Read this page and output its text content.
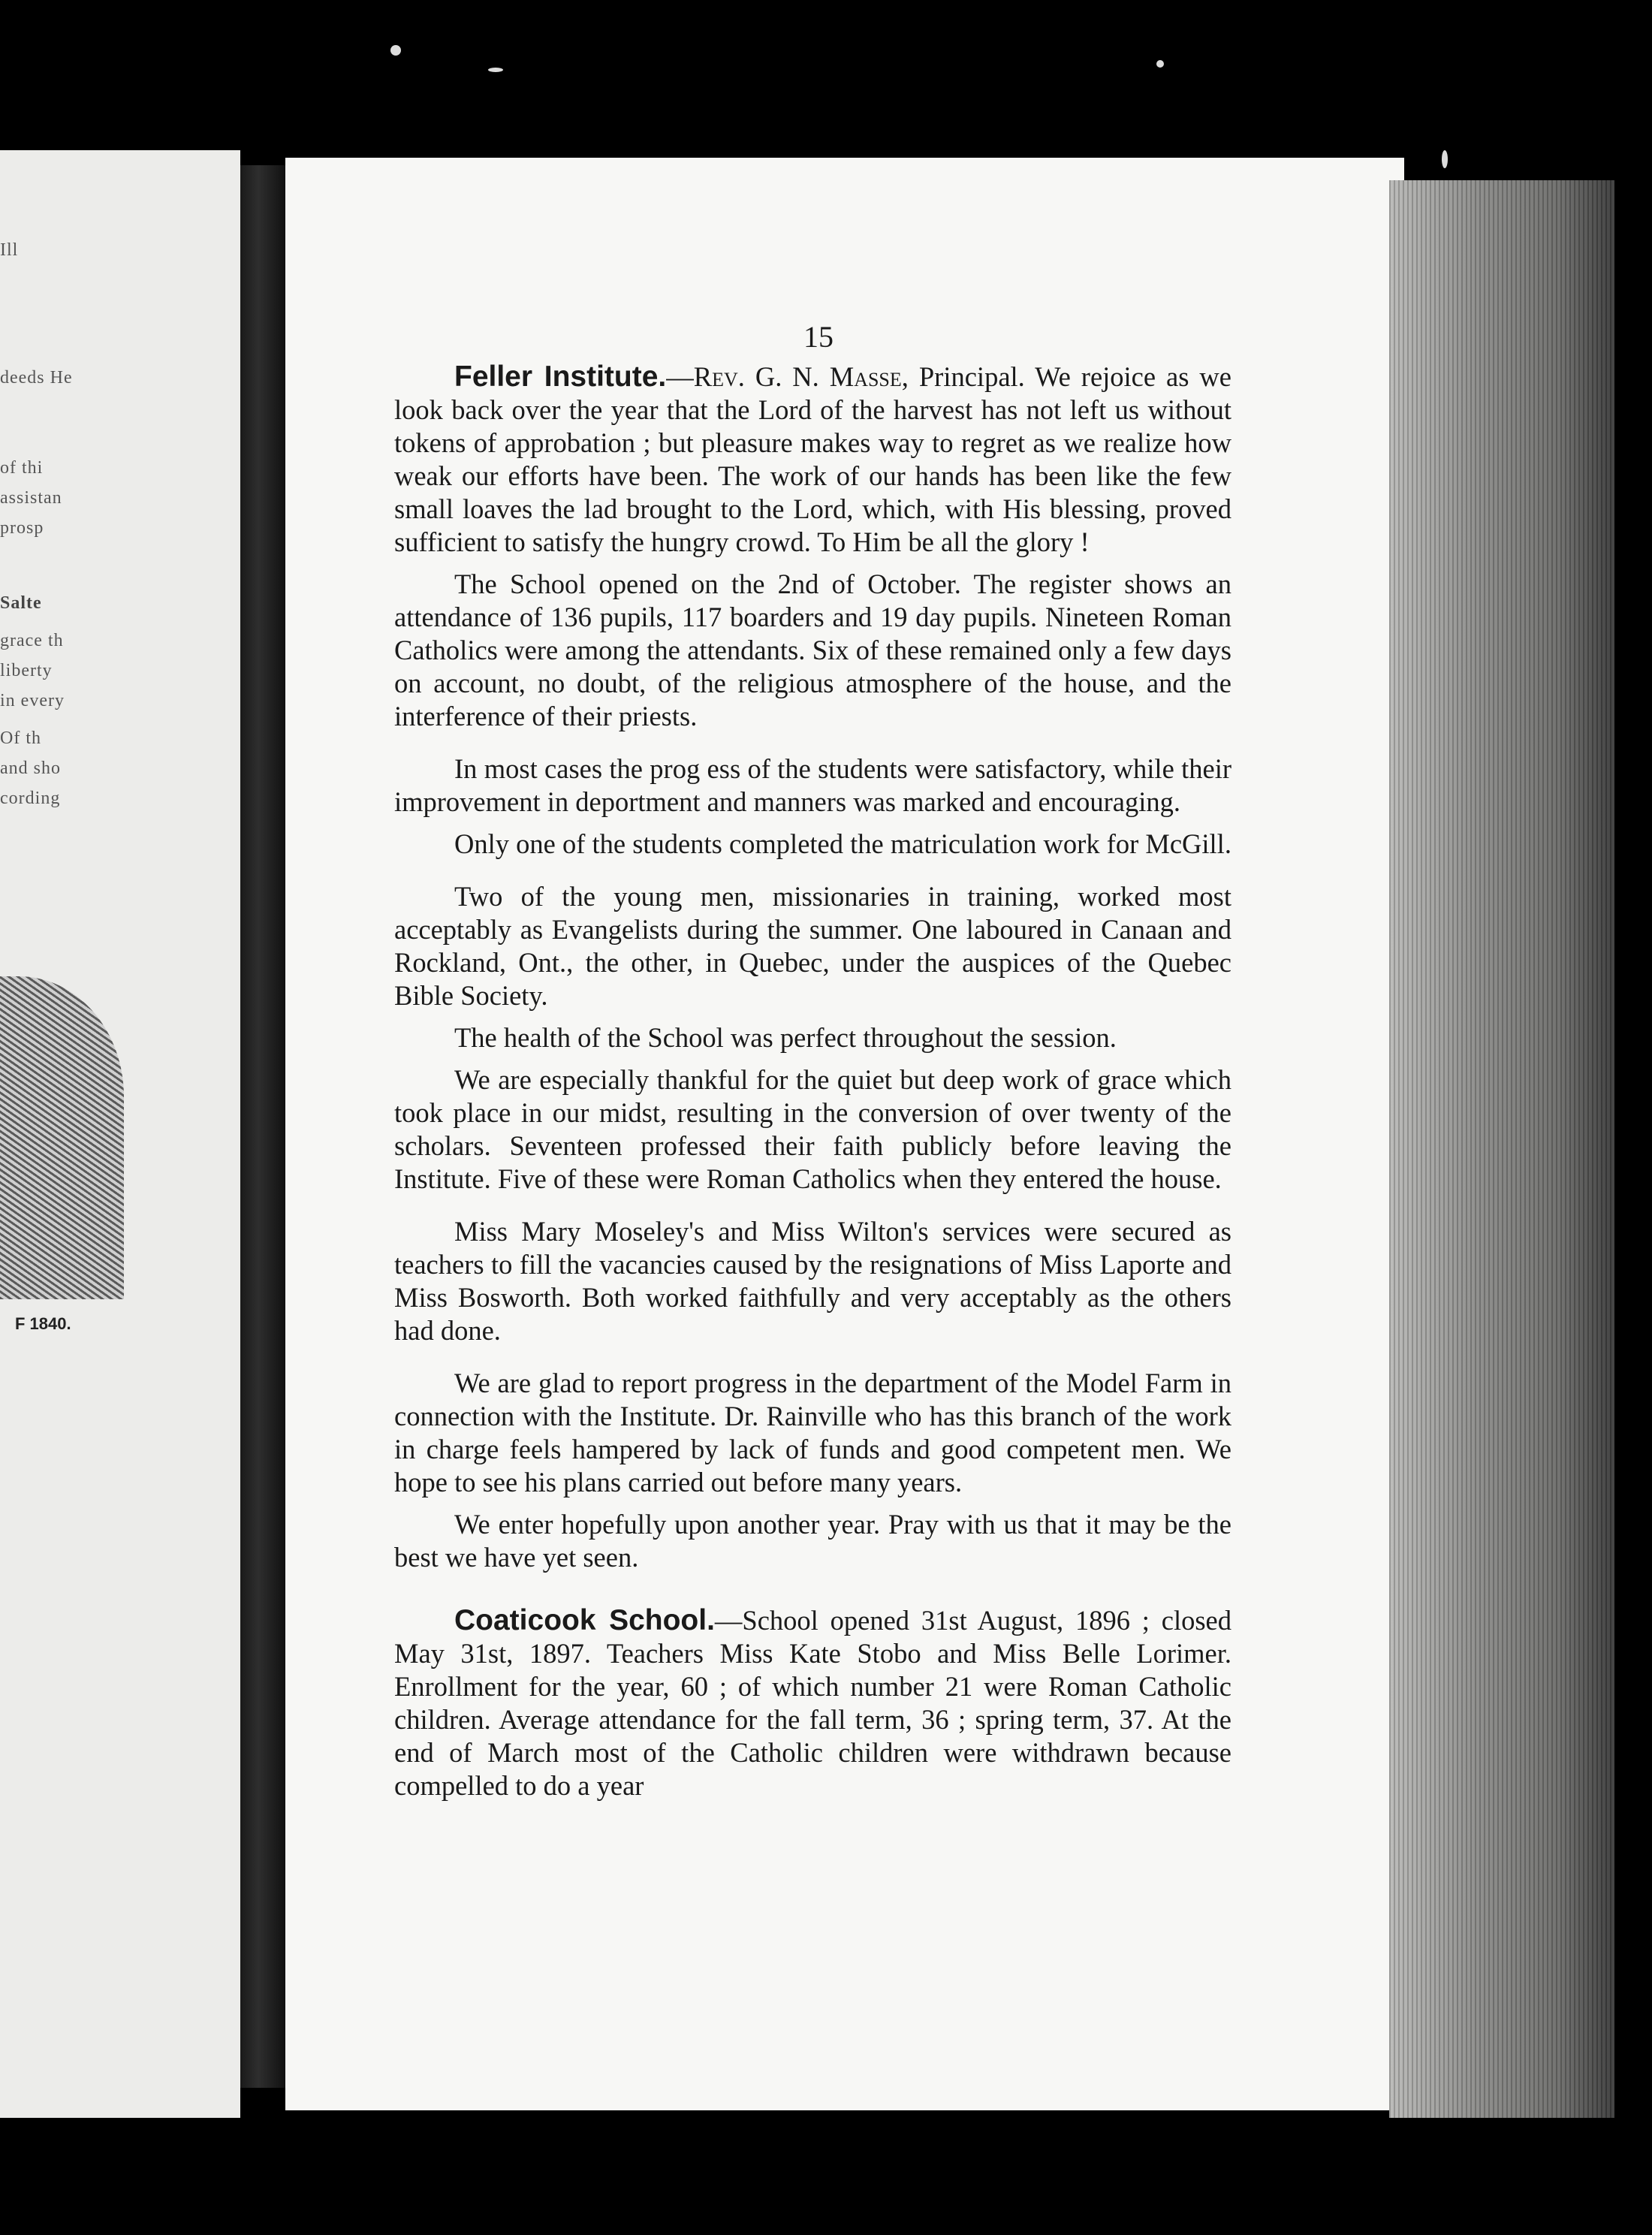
F 1840.
Ill
deeds He
of thi
assistan
prosp
Salte
grace th
liberty
in every
Of th
and sho
cording
15

Feller Institute.—Rev. G. N. Masse, Principal. We rejoice as we look back over the year that the Lord of the harvest has not left us without tokens of approbation ; but pleasure makes way to regret as we realize how weak our efforts have been. The work of our hands has been like the few small loaves the lad brought to the Lord, which, with His blessing, proved sufficient to satisfy the hungry crowd. To Him be all the glory !

The School opened on the 2nd of October. The register shows an attendance of 136 pupils, 117 boarders and 19 day pupils. Nineteen Roman Catholics were among the attendants. Six of these remained only a few days on account, no doubt, of the religious atmosphere of the house, and the interference of their priests.

In most cases the prog ess of the students were satisfactory, while their improvement in deportment and manners was marked and encouraging.

Only one of the students completed the matriculation work for McGill.

Two of the young men, missionaries in training, worked most acceptably as Evangelists during the summer. One laboured in Canaan and Rockland, Ont., the other, in Quebec, under the auspices of the Quebec Bible Society.

The health of the School was perfect throughout the session.

We are especially thankful for the quiet but deep work of grace which took place in our midst, resulting in the conversion of over twenty of the scholars. Seventeen professed their faith publicly before leaving the Institute. Five of these were Roman Catholics when they entered the house.

Miss Mary Moseley's and Miss Wilton's services were secured as teachers to fill the vacancies caused by the resignations of Miss Laporte and Miss Bosworth. Both worked faithfully and very acceptably as the others had done.

We are glad to report progress in the department of the Model Farm in connection with the Institute. Dr. Rainville who has this branch of the work in charge feels hampered by lack of funds and good competent men. We hope to see his plans carried out before many years.

We enter hopefully upon another year. Pray with us that it may be the best we have yet seen.

Coaticook School.—School opened 31st August, 1896 ; closed May 31st, 1897. Teachers Miss Kate Stobo and Miss Belle Lorimer. Enrollment for the year, 60 ; of which number 21 were Roman Catholic children. Average attendance for the fall term, 36 ; spring term, 37. At the end of March most of the Catholic children were withdrawn because compelled to do a year
